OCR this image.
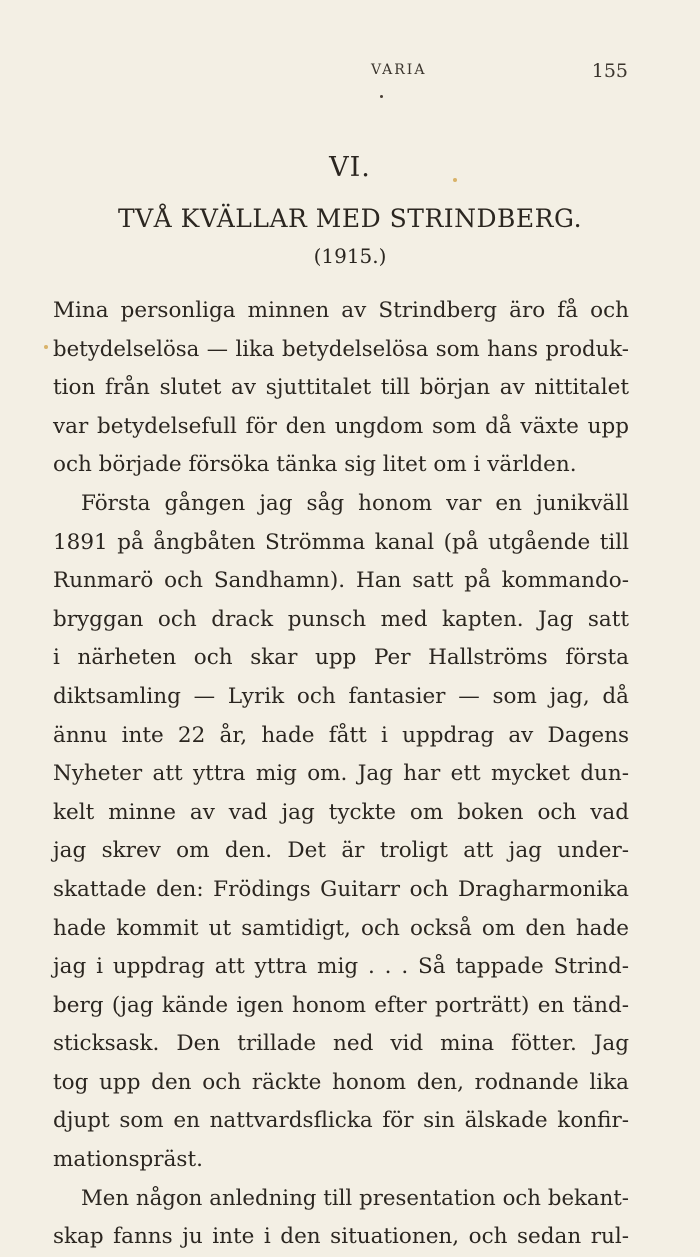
VARIA	155
VI.
TVÅ KVÄLLAR MED STRINDBERG.
(1915.)
Mina personliga minnen av Strindberg äro få och
betydelselösa — lika betydelselösa som hans produk-
tion från slutet av sjuttitalet till början av nittitalet
var betydelsefull för den ungdom som då växte upp
och började försöka tänka sig litet om i världen.
Första gången jag såg honom var en junikväll
1891 på ångbåten Strömma kanal (på utgående till
Runmarö och Sandhamn). Han satt på kommando-
bryggan och drack punsch med kapten. Jag satt
i närheten och skar upp Per Hallströms första
diktsamling — Lyrik och fantasier — som jag, då
ännu inte 22 år, hade fått i uppdrag av Dagens
Nyheter att yttra mig om. Jag har ett mycket dun-
kelt minne av vad jag tyckte om boken och vad
jag skrev om den. Det är troligt att jag under-
skattade den: Frödings Guitarr och Dragharmonika
hade kommit ut samtidigt, och också om den hade
jag i uppdrag att yttra mig . . . Så tappade Strind-
berg (jag kände igen honom efter porträtt) en tänd-
sticksask. Den trillade ned vid mina fötter. Jag
tog upp den och räckte honom den, rodnande lika
djupt som en nattvardsflicka för sin älskade konfir-
mationspräst.
Men någon anledning till presentation och bekant-
skap fanns ju inte i den situationen, och sedan rul-
